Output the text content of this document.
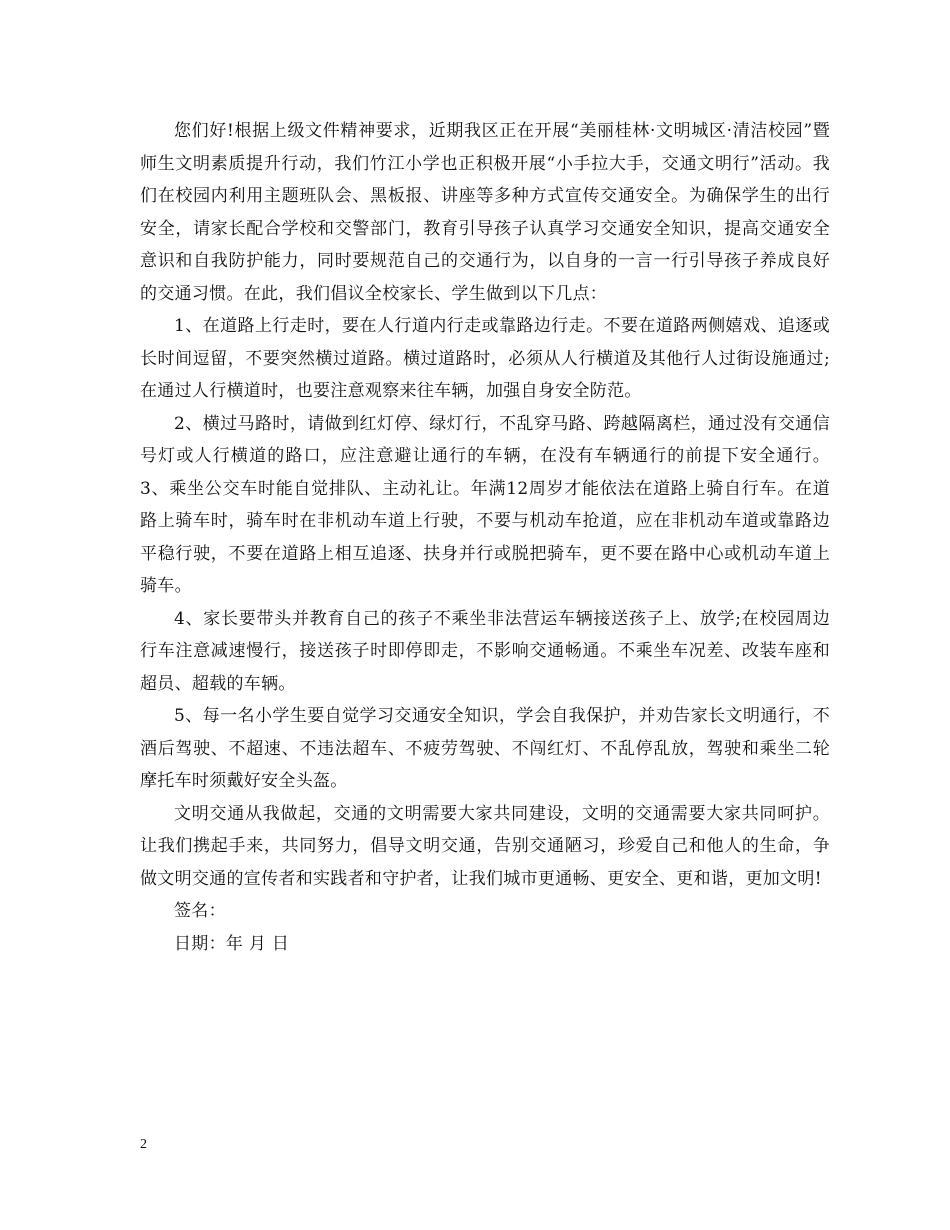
您们好!根据上级文件精神要求，近期我区正在开展“美丽桂林·文明城区·清洁校园”暨师生文明素质提升行动，我们竹江小学也正积极开展“小手拉大手，交通文明行”活动。我们在校园内利用主题班队会、黑板报、讲座等多种方式宣传交通安全。为确保学生的出行安全，请家长配合学校和交警部门，教育引导孩子认真学习交通安全知识，提高交通安全意识和自我防护能力，同时要规范自己的交通行为，以自身的一言一行引导孩子养成良好的交通习惯。在此，我们倡议全校家长、学生做到以下几点：

1、在道路上行走时，要在人行道内行走或靠路边行走。不要在道路两侧嬉戏、追逐或长时间逗留，不要突然横过道路。横过道路时，必须从人行横道及其他行人过街设施通过;在通过人行横道时，也要注意观察来往车辆，加强自身安全防范。

2、横过马路时，请做到红灯停、绿灯行，不乱穿马路、跨越隔离栏，通过没有交通信号灯或人行横道的路口，应注意避让通行的车辆，在没有车辆通行的前提下安全通行。 3、乘坐公交车时能自觉排队、主动礼让。年满12周岁才能依法在道路上骑自行车。在道路上骑车时，骑车时在非机动车道上行驶，不要与机动车抢道，应在非机动车道或靠路边平稳行驶，不要在道路上相互追逐、扶身并行或脱把骑车，更不要在路中心或机动车道上骑车。

4、家长要带头并教育自己的孩子不乘坐非法营运车辆接送孩子上、放学;在校园周边行车注意减速慢行，接送孩子时即停即走，不影响交通畅通。不乘坐车况差、改装车座和超员、超载的车辆。

5、每一名小学生要自觉学习交通安全知识，学会自我保护，并劝告家长文明通行，不酒后驾驶、不超速、不违法超车、不疲劳驾驶、不闯红灯、不乱停乱放，驾驶和乘坐二轮摩托车时须戴好安全头盔。

文明交通从我做起，交通的文明需要大家共同建设，文明的交通需要大家共同呵护。让我们携起手来，共同努力，倡导文明交通，告别交通陋习，珍爱自己和他人的生命，争做文明交通的宣传者和实践者和守护者，让我们城市更通畅、更安全、更和谐，更加文明!

签名：

日期：年 月 日

2
